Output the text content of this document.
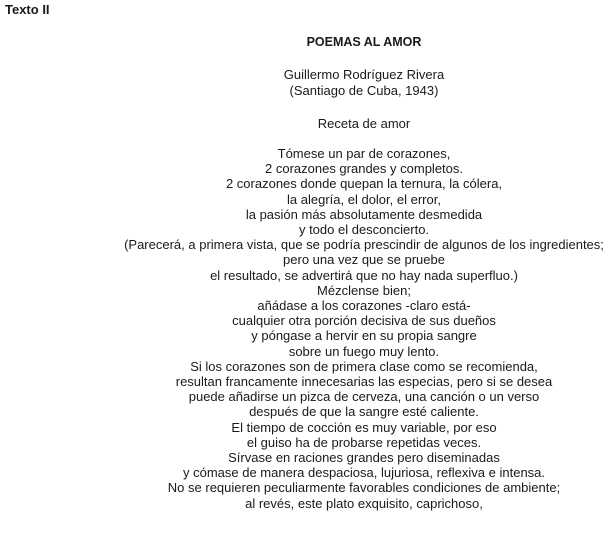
Texto II
POEMAS AL AMOR
Guillermo Rodríguez Rivera
(Santiago de Cuba, 1943)
Receta de amor
Tómese un par de corazones,
2 corazones grandes y completos.
2 corazones donde quepan la ternura, la cólera,
la alegría, el dolor, el error,
la pasión más absolutamente desmedida
y todo el desconcierto.
(Parecerá, a primera vista, que se podría prescindir de algunos de los ingredientes;
pero una vez que se pruebe
el resultado, se advertirá que no hay nada superfluo.)
Mézclense bien;
añádase a los corazones -claro está-
cualquier otra porción decisiva de sus dueños
y póngase a hervir en su propia sangre
sobre un fuego muy lento.
Si los corazones son de primera clase como se recomienda,
resultan francamente innecesarias las especias, pero si se desea
puede añadirse un pizca de cerveza, una canción o un verso
después de que la sangre esté caliente.
El tiempo de cocción es muy variable, por eso
el guiso ha de probarse repetidas veces.
Sírvase en raciones grandes pero diseminadas
y cómase de manera despaciosa, lujuriosa, reflexiva e intensa.
No se requieren peculiarmente favorables condiciones de ambiente;
al revés, este plato exquisito, caprichoso,
